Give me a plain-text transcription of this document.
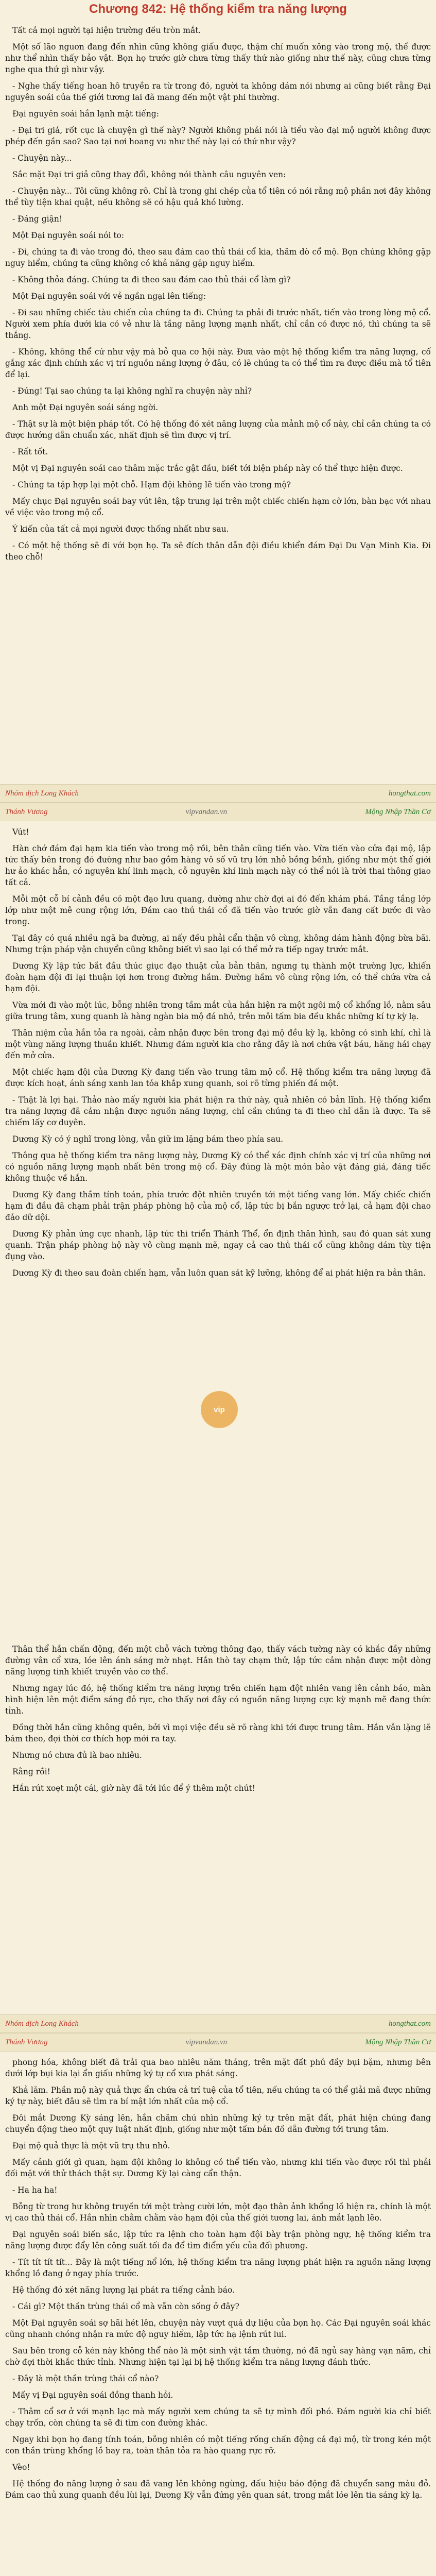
Chương 842: Hệ thống kiểm tra năng lượng

Tất cả mọi người tại hiện trường đều tròn mắt.

Một số lão nguơn đang đến nhìn cũng không giấu được, thậm chí muốn xông vào trong mộ, thế được như thể nhìn thấy bảo vật. Bọn họ trước giờ chưa từng thấy thứ nào giống như thế này, cũng chưa từng nghe qua thứ gì như vậy.

- Nghe thấy tiếng hoan hô truyền ra từ trong đó, người ta không dám nói nhưng ai cũng biết rằng Đại nguyên soái của thế giới tương lai đã mang đến một vật phi thường.

Đại nguyên soái hắn lạnh mặt tiếng:

- Đại tri giả, rốt cục là chuyện gì thế này? Người không phải nói là tiểu vào đại mộ người không được phép đến gần sao? Sao tại nơi hoang vu như thế này lại có thứ như vậy?

- Chuyện này...

Sắc mặt Đại tri giả cũng thay đổi, không nói thành câu nguyên ven:

- Chuyện này... Tôi cũng không rõ. Chỉ là trong ghi chép của tổ tiên có nói rằng mộ phần nơi đây không thể tùy tiện khai quật, nếu không sẽ có hậu quả khó lường.

- Đáng giận!

Một Đại nguyên soái nói to:

- Đi, chúng ta đi vào trong đó, theo sau đám cao thủ thái cổ kia, thăm dò cổ mộ. Bọn chúng không gặp nguy hiểm, chúng ta cũng không có khả năng gặp nguy hiểm.

- Không thỏa đáng. Chúng ta đi theo sau đám cao thủ thái cổ làm gì?

Một Đại nguyên soái với vẻ ngần ngại lên tiếng:

- Đi sau những chiếc tàu chiến của chúng ta đi. Chúng ta phải đi trước nhất, tiến vào trong lòng mộ cổ. Người xem phía dưới kia có vẻ như là tầng năng lượng mạnh nhất, chỉ cần có được nó, thì chúng ta sẽ thắng.

- Không, không thể cứ như vậy mà bỏ qua cơ hội này. Đưa vào một hệ thống kiểm tra năng lượng, cố gắng xác định chính xác vị trí nguồn năng lượng ở đâu, có lẽ chúng ta có thể tìm ra được điều mà tổ tiên để lại.

- Đúng! Tại sao chúng ta lại không nghĩ ra chuyện này nhỉ?

Anh một Đại nguyên soái sáng ngời.

- Thật sự là một biện pháp tốt. Có hệ thống đó xét năng lượng của mảnh mộ cổ này, chỉ cần chúng ta có được hướng dẫn chuẩn xác, nhất định sẽ tìm được vị trí.

- Rất tốt.

Một vị Đại nguyên soái cao thâm mặc trắc gật đầu, biết tới biện pháp này có thể thực hiện được.

- Chúng ta tập hợp lại một chỗ. Hạm đội không lẽ tiến vào trong mộ?

Mấy chục Đại nguyên soái bay vút lên, tập trung lại trên một chiếc chiến hạm cỡ lớn, bàn bạc với nhau về việc vào trong mộ cổ.

Ý kiến của tất cả mọi người được thống nhất như sau.

- Có một hệ thống sẽ đi với bọn họ. Ta sẽ đích thân dẫn đội điều khiển đám Đại Du Vạn Minh Kia. Đi theo chỗ!

Nhóm dịch Long Khách	hongthat.com
Thánh Vương	vipvandan.vn	Mộng Nhập Thần Cơ

Vút!

Hàn chớ đám đại hạm kia tiến vào trong mộ rồi, bên thân cũng tiến vào. Vừa tiến vào cửa đại mộ, lập tức thấy bên trong đó đường như bao gồm hàng vô số vũ trụ lớn nhỏ bồng bềnh, giống như một thế giới hư ảo khác hẳn, có nguyên khí linh mạch, cỗ nguyên khí linh mạch này có thể nói là trời thai thông giao tất cả.

Mỗi một cỗ bí cảnh đều có một đạo lưu quang, dường như chờ đợi ai đó đến khám phá. Tầng tầng lớp lớp như một mê cung rộng lớn, Đám cao thủ thái cổ đã tiến vào trước giờ vẫn đang cất bước đi vào trong.

Tại đây có quá nhiều ngã ba đường, ai nấy đều phải cẩn thận vô cùng, không dám hành động bừa bãi. Nhưng trận pháp vận chuyển cũng không biết vì sao lại có thể mở ra tiếp ngay trước mắt.

Dương Kỳ lập tức bắt đầu thúc giục đạo thuật của bản thân, ngưng tụ thành một trường lực, khiến đoàn hạm đội đi lại thuận lợi hơn trong đường hầm. Đường hầm vô cùng rộng lớn, có thể chứa vừa cả hạm đội.

Vừa mới đi vào một lúc, bỗng nhiên trong tầm mắt của hắn hiện ra một ngôi mộ cổ khổng lồ, nằm sâu giữa trung tâm, xung quanh là hàng ngàn bia mộ đá nhỏ, trên mỗi tấm bia đều khắc những kí tự kỳ lạ.

Thân niệm của hắn tỏa ra ngoài, cảm nhận được bên trong đại mộ đều kỳ lạ, không có sinh khí, chỉ là một vùng năng lượng thuần khiết. Nhưng đám người kia cho rằng đây là nơi chứa vật báu, hăng hái chạy đến mở cửa.

Một chiếc hạm đội của Dương Kỳ đang tiến vào trung tâm mộ cổ. Hệ thống kiểm tra năng lượng đã được kích hoạt, ánh sáng xanh lan tỏa khắp xung quanh, soi rõ từng phiến đá một.

- Thật là lợi hại. Thảo nào mấy người kia phát hiện ra thứ này, quả nhiên có bản lĩnh. Hệ thống kiểm tra năng lượng đã cảm nhận được nguồn năng lượng, chỉ cần chúng ta đi theo chỉ dẫn là được. Ta sẽ chiếm lấy cơ duyên.

Dương Kỳ có ý nghĩ trong lòng, vẫn giữ im lặng bám theo phía sau.

Thông qua hệ thống kiểm tra năng lượng này, Dương Kỳ có thể xác định chính xác vị trí của những nơi có nguồn năng lượng mạnh nhất bên trong mộ cổ. Đây đúng là một món bảo vật đáng giá, đáng tiếc không thuộc về hắn.

Dương Kỳ đang thầm tính toán, phía trước đột nhiên truyền tới một tiếng vang lớn. Mấy chiếc chiến hạm đi đầu đã chạm phải trận pháp phòng hộ của mộ cổ, lập tức bị bắn ngược trở lại, cả hạm đội chao đảo dữ dội.

Dương Kỳ phản ứng cực nhanh, lập tức thi triển Thánh Thể, ổn định thân hình, sau đó quan sát xung quanh. Trận pháp phòng hộ này vô cùng mạnh mẽ, ngay cả cao thủ thái cổ cũng không dám tùy tiện đụng vào.

Dương Kỳ đi theo sau đoàn chiến hạm, vẫn luôn quan sát kỹ lưỡng, không để ai phát hiện ra bản thân.

vip

Thân thể hắn chấn động, đến một chỗ vách tường thông đạo, thấy vách tường này có khắc đầy những đường vân cổ xưa, lóe lên ánh sáng mờ nhạt. Hắn thò tay chạm thử, lập tức cảm nhận được một dòng năng lượng tinh khiết truyền vào cơ thể.

Nhưng ngay lúc đó, hệ thống kiểm tra năng lượng trên chiến hạm đột nhiên vang lên cảnh báo, màn hình hiện lên một điểm sáng đỏ rực, cho thấy nơi đây có nguồn năng lượng cực kỳ mạnh mẽ đang thức tỉnh.

Đồng thời hắn cũng không quên, bởi vì mọi việc đều sẽ rõ ràng khi tới được trung tâm. Hắn vẫn lặng lẽ bám theo, đợi thời cơ thích hợp mới ra tay.

Nhưng nó chưa đủ là bao nhiêu.

Rằng rồi!

Hắn rút xoẹt một cái, giờ này đã tới lúc để ý thêm một chút!

Nhóm dịch Long Khách	hongthat.com
Thánh Vương	vipvandan.vn	Mộng Nhập Thần Cơ

phong hóa, không biết đã trải qua bao nhiêu năm tháng, trên mặt đất phủ đầy bụi bặm, nhưng bên dưới lớp bụi kia lại ẩn giấu những ký tự cổ xưa phát sáng.

Khả lăm. Phần mộ này quả thực ẩn chứa cả trí tuệ của tổ tiên, nếu chúng ta có thể giải mã được những ký tự này, biết đâu sẽ tìm ra bí mật lớn nhất của mộ cổ.

Đôi mắt Dương Kỳ sáng lên, hắn chăm chú nhìn những ký tự trên mặt đất, phát hiện chúng đang chuyển động theo một quy luật nhất định, giống như một tấm bản đồ dẫn đường tới trung tâm.

Đại mộ quả thực là một vũ trụ thu nhỏ.

Mấy cảnh giới gì quan, hạm đội không lo không có thể tiến vào, nhưng khi tiến vào được rồi thì phải đối mặt với thử thách thật sự. Dương Kỳ lại càng cẩn thận.

- Ha ha ha!

Bỗng từ trong hư không truyền tới một tràng cười lớn, một đạo thân ảnh khổng lồ hiện ra, chính là một vị cao thủ thái cổ. Hắn nhìn chằm chằm vào hạm đội của thế giới tương lai, ánh mắt lạnh lẽo.

Đại nguyên soái biến sắc, lập tức ra lệnh cho toàn hạm đội bày trận phòng ngự, hệ thống kiểm tra năng lượng được đẩy lên công suất tối đa để tìm điểm yếu của đối phương.

- Tít tít tít tít... Đây là một tiếng nổ lớn, hệ thống kiểm tra năng lượng phát hiện ra nguồn năng lượng khổng lồ đang ở ngay phía trước.

Hệ thống đó xét năng lượng lại phát ra tiếng cảnh báo.

- Cái gì? Một thần trùng thái cổ mà vẫn còn sống ở đây?

Một Đại nguyên soái sợ hãi hét lên, chuyện này vượt quá dự liệu của bọn họ. Các Đại nguyên soái khác cũng nhanh chóng nhận ra mức độ nguy hiểm, lập tức hạ lệnh rút lui.

Sau bên trong cỗ kén này không thể nào là một sinh vật tầm thường, nó đã ngủ say hàng vạn năm, chỉ chờ đợi thời khắc thức tỉnh. Nhưng hiện tại lại bị hệ thống kiểm tra năng lượng đánh thức.

- Đây là một thần trùng thái cổ nào?

Mấy vị Đại nguyên soái đồng thanh hỏi.

- Thâm cổ sơ ở với mạnh lạc mà mấy người xem chúng ta sẽ tự mình đối phó. Đám người kia chỉ biết chạy trốn, còn chúng ta sẽ đi tìm con đường khác.

Ngay khi bọn họ đang tính toán, bỗng nhiên có một tiếng rống chấn động cả đại mộ, từ trong kén một con thần trùng khổng lồ bay ra, toàn thân tỏa ra hào quang rực rỡ.

Vèo!

Hệ thống đo năng lượng ở sau đã vang lên không ngừng, dấu hiệu báo động đã chuyển sang màu đỏ. Đám cao thủ xung quanh đều lùi lại, Dương Kỳ vẫn đứng yên quan sát, trong mắt lóe lên tia sáng kỳ lạ.
